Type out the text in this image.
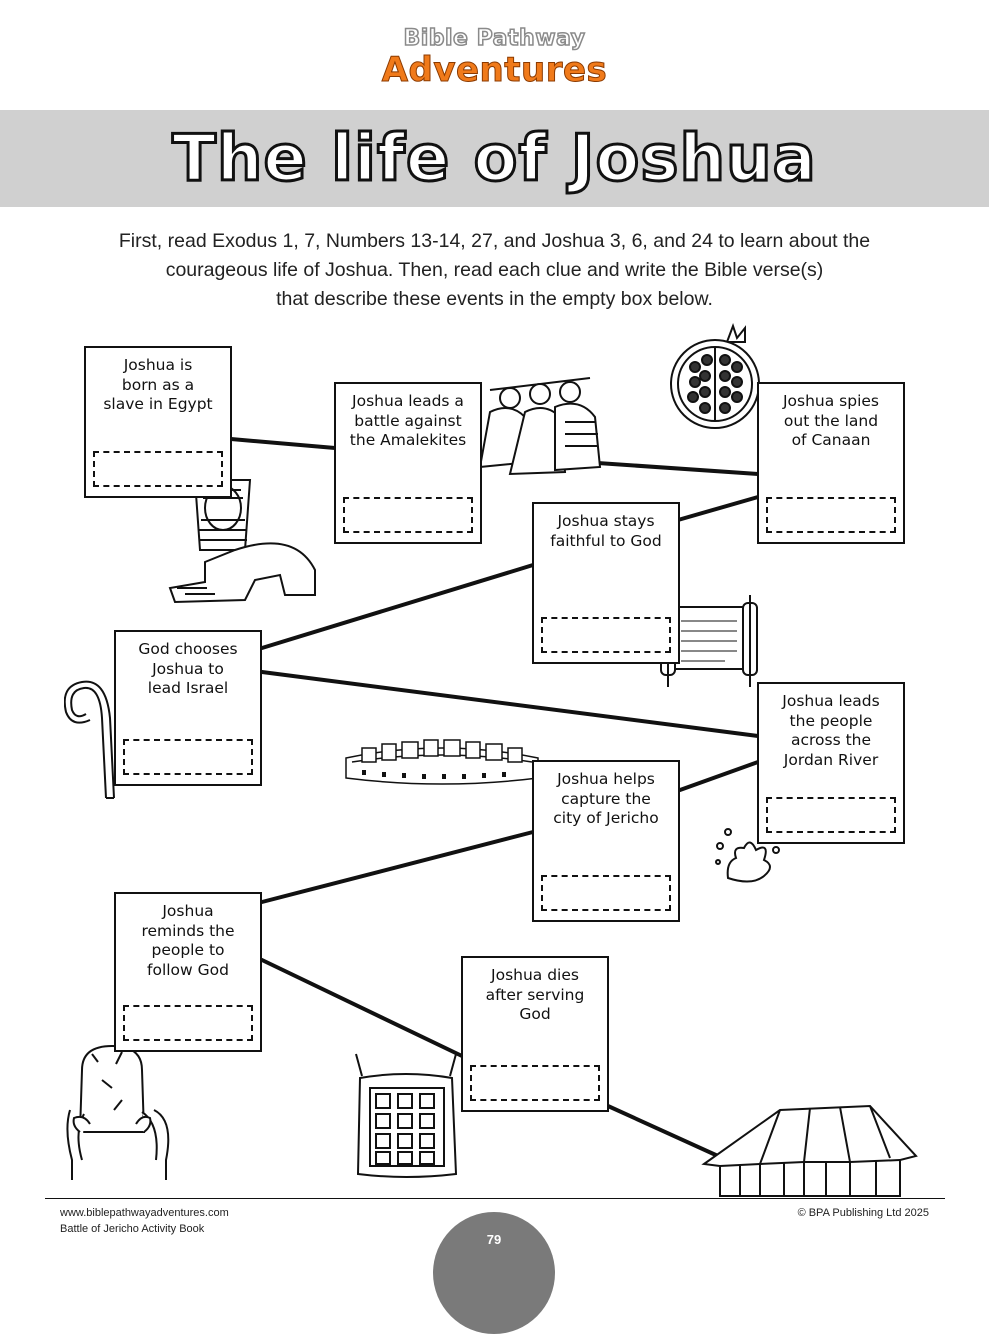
Bible Pathway
Adventures
The life of Joshua
First, read Exodus 1, 7, Numbers 13-14, 27, and Joshua 3, 6, and 24 to learn about the
courageous life of Joshua. Then, read each clue and write the Bible verse(s)
that describe these events in the empty box below.
Joshua is
born as a
slave in Egypt	Joshua leads a
battle against
the Amalekites
Joshua spies
out the land
of Canaan
Joshua stays
faithful to God
God chooses
Joshua to
lead Israel
Joshua leads
the people
across the
Jordan River
Joshua helps
capture the
city of Jericho
Joshua
reminds the
people to
follow God	Joshua dies
after serving
God
www.biblepathwayadventures.com
Battle of Jericho Activity Book
© BPA Publishing Ltd 2025
79
